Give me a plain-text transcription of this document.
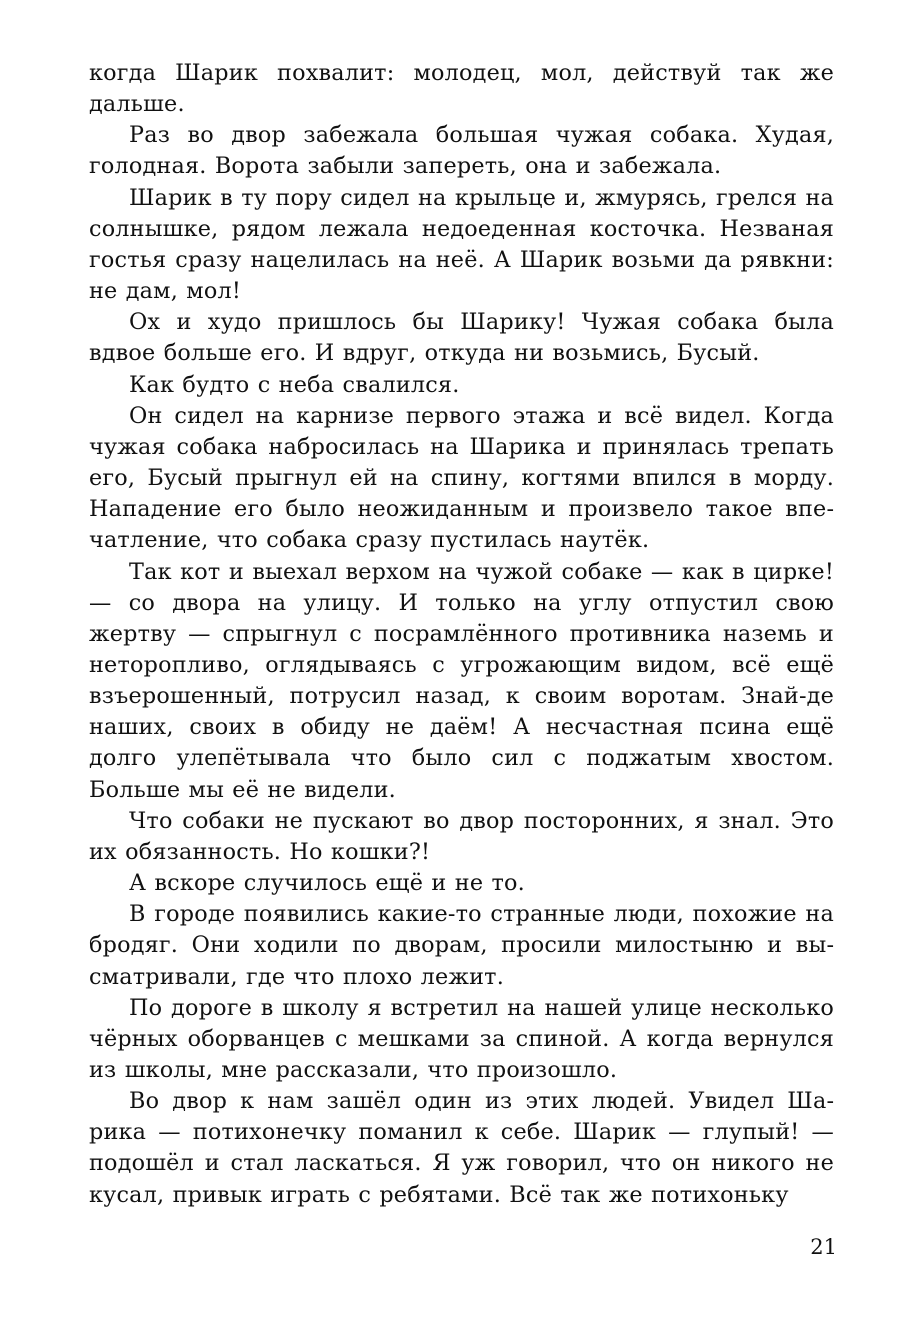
когда Шарик похвалит: молодец, мол, действуй так же дальше.

Раз во двор забежала большая чужая собака. Худая, голодная. Ворота забыли запереть, она и забежала.

Шарик в ту пору сидел на крыльце и, жмурясь, грелся на солнышке, рядом лежала недоеденная косточка. Незваная гостья сразу нацелилась на неё. А Шарик возьми да рявкни: не дам, мол!

Ох и худо пришлось бы Шарику! Чужая собака была вдвое больше его. И вдруг, откуда ни возьмись, Бусый.

Как будто с неба свалился.

Он сидел на карнизе первого этажа и всё видел. Когда чужая собака набросилась на Шарика и принялась трепать его, Бусый прыгнул ей на спину, когтями впился в морду. Нападение его было неожиданным и произвело такое впечатление, что собака сразу пустилась наутёк.

Так кот и выехал верхом на чужой собаке — как в цирке! — со двора на улицу. И только на углу отпустил свою жертву — спрыгнул с посрамлённого противника наземь и неторопливо, оглядываясь с угрожающим видом, всё ещё взъерошенный, потрусил назад, к своим воротам. Знай-де наших, своих в обиду не даём! А несчастная псина ещё долго улепётывала что было сил с поджатым хвостом. Больше мы её не видели.

Что собаки не пускают во двор посторонних, я знал. Это их обязанность. Но кошки?!

А вскоре случилось ещё и не то.

В городе появились какие-то странные люди, похожие на бродяг. Они ходили по дворам, просили милостыню и высматривали, где что плохо лежит.

По дороге в школу я встретил на нашей улице несколько чёрных оборванцев с мешками за спиной. А когда вернулся из школы, мне рассказали, что произошло.

Во двор к нам зашёл один из этих людей. Увидел Шарика — потихонечку поманил к себе. Шарик — глупый! — подошёл и стал ласкаться. Я уж говорил, что он никого не кусал, привык играть с ребятами. Всё так же потихоньку

21
